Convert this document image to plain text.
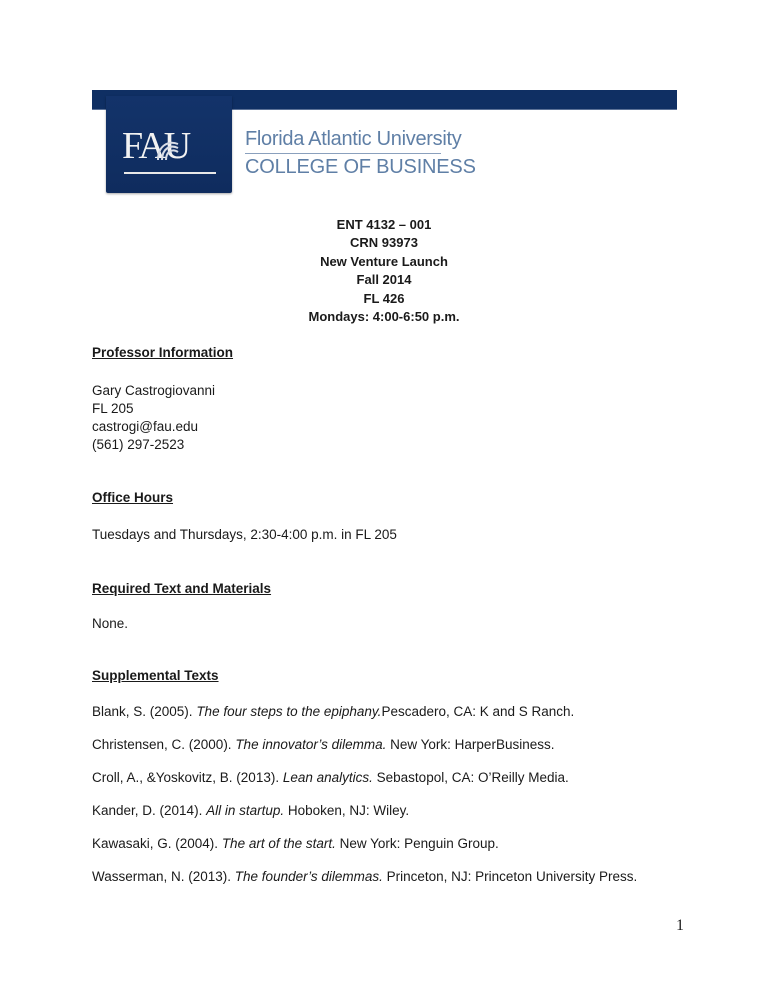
FAU	Florida Atlantic University
COLLEGE OF BUSINESS
ENT 4132 – 001
CRN 93973
New Venture Launch
Fall 2014
FL 426
Mondays: 4:00-6:50 p.m.
Professor Information
Gary Castrogiovanni
FL 205
castrogi@fau.edu
(561) 297-2523
Office Hours
Tuesdays and Thursdays, 2:30-4:00 p.m. in FL 205
Required Text and Materials
None.
Supplemental Texts
Blank, S. (2005). The four steps to the epiphany.Pescadero, CA: K and S Ranch.
Christensen, C. (2000). The innovator’s dilemma. New York: HarperBusiness.
Croll, A., &Yoskovitz, B. (2013). Lean analytics. Sebastopol, CA: O’Reilly Media.
Kander, D. (2014). All in startup. Hoboken, NJ: Wiley.
Kawasaki, G. (2004). The art of the start. New York: Penguin Group.
Wasserman, N. (2013). The founder’s dilemmas. Princeton, NJ: Princeton University Press.
1
